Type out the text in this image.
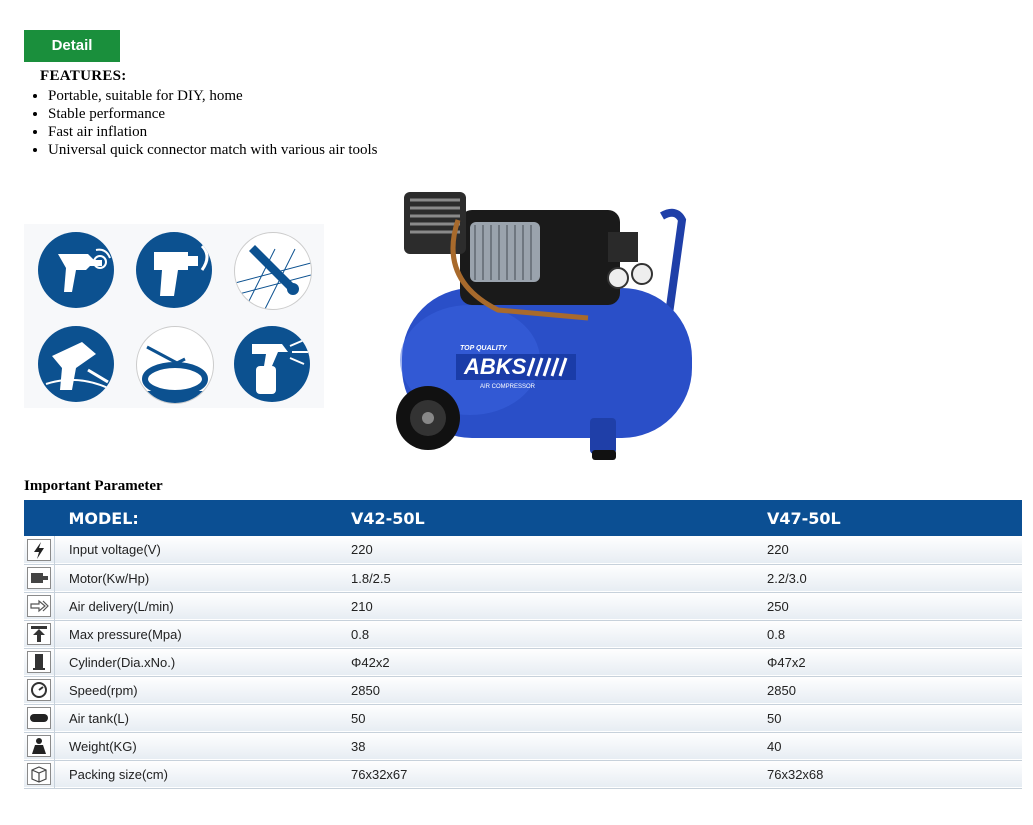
Detail
FEATURES:
• Portable, suitable for DIY, home
• Stable performance
• Fast air inflation
• Universal quick connector match with various air tools
TOP QUALITY
ABKS
AIR COMPRESSOR
Important Parameter
	MODEL:	V42-50L	V47-50L
	Input voltage(V)	220	220
	Motor(Kw/Hp)	1.8/2.5	2.2/3.0
	Air delivery(L/min)	210	250
	Max pressure(Mpa)	0.8	0.8
	Cylinder(Dia.xNo.)	Φ42x2	Φ47x2
	Speed(rpm)	2850	2850
	Air tank(L)	50	50
	Weight(KG)	38	40
	Packing size(cm)	76x32x67	76x32x68
